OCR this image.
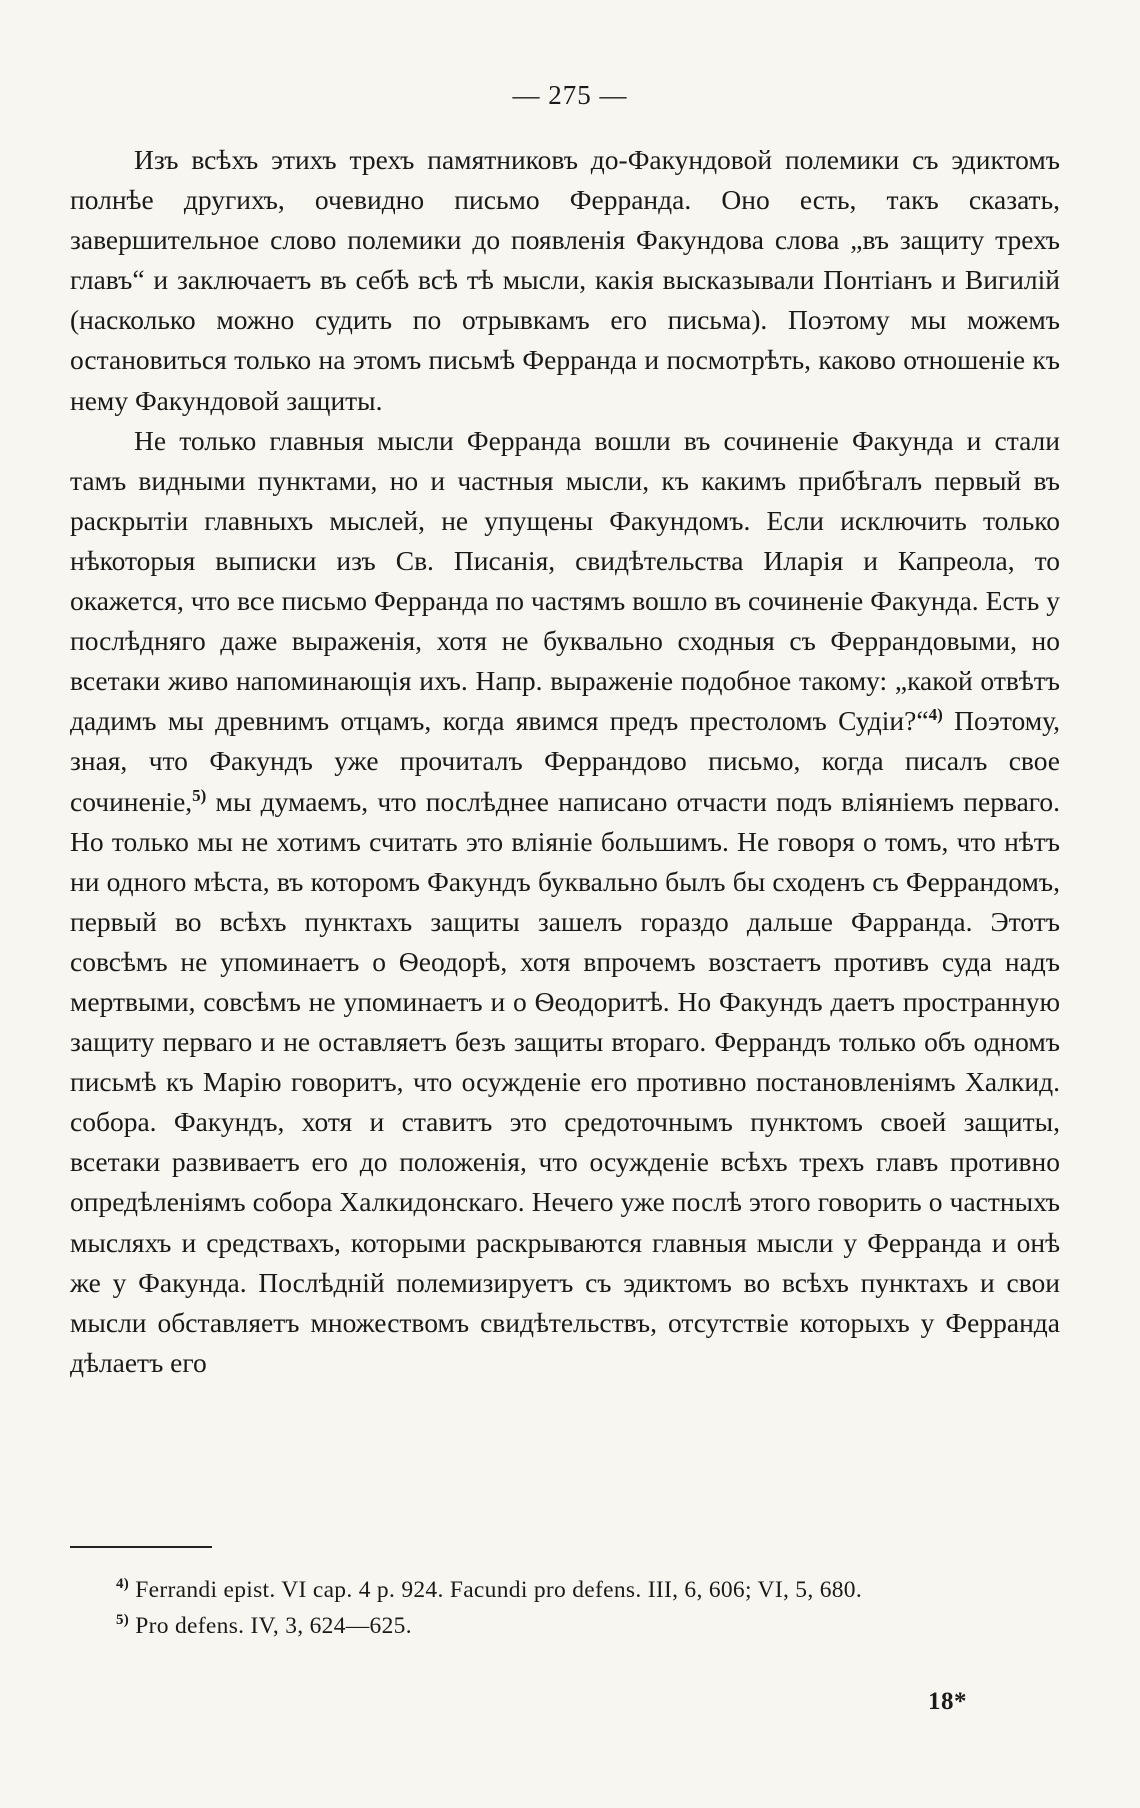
— 275 —

Изъ всѣхъ этихъ трехъ памятниковъ до-Факундовой полемики съ эдиктомъ полнѣе другихъ, очевидно письмо Ферранда. Оно есть, такъ сказать, завершительное слово полемики до появленія Факундова слова „въ защиту трехъ главъ“ и заключаетъ въ себѣ всѣ тѣ мысли, какія высказывали Понтіанъ и Вигилій (насколько можно судить по отрывкамъ его письма). Поэтому мы можемъ остановиться только на этомъ письмѣ Ферранда и посмотрѣть, каково отношеніе къ нему Факундовой защиты.

Не только главныя мысли Ферранда вошли въ сочиненіе Факунда и стали тамъ видными пунктами, но и частныя мысли, къ какимъ прибѣгалъ первый въ раскрытіи главныхъ мыслей, не упущены Факундомъ. Если исключить только нѣкоторыя выписки изъ Св. Писанія, свидѣтельства Иларія и Капреола, то окажется, что все письмо Ферранда по частямъ вошло въ сочиненіе Факунда. Есть у послѣдняго даже выраженія, хотя не буквально сходныя съ Феррандовыми, но всетаки живо напоминающія ихъ. Напр. выраженіе подобное такому: „какой отвѣтъ дадимъ мы древнимъ отцамъ, когда явимся предъ престоломъ Судіи?“$^{4)}$ Поэтому, зная, что Факундъ уже прочиталъ Феррандово письмо, когда писалъ свое сочиненіе,$^{5)}$ мы думаемъ, что послѣднее написано отчасти подъ вліяніемъ перваго. Но только мы не хотимъ считать это вліяніе большимъ. Не говоря о томъ, что нѣтъ ни одного мѣста, въ которомъ Факундъ буквально былъ бы сходенъ съ Феррандомъ, первый во всѣхъ пунктахъ защиты зашелъ гораздо дальше Фарранда. Этотъ совсѣмъ не упоминаетъ о Ѳеодорѣ, хотя впрочемъ возстаетъ противъ суда надъ мертвыми, совсѣмъ не упоминаетъ и о Ѳеодоритѣ. Но Факундъ даетъ пространную защиту перваго и не оставляетъ безъ защиты втораго. Феррандъ только объ одномъ письмѣ къ Марію говоритъ, что осужденіе его противно постановленіямъ Халкид. собора. Факундъ, хотя и ставитъ это средоточнымъ пунктомъ своей защиты, всетаки развиваетъ его до положенія, что осужденіе всѣхъ трехъ главъ противно опредѣленіямъ собора Халкидонскаго. Нечего уже послѣ этого говорить о частныхъ мысляхъ и средствахъ, которыми раскрываются главныя мысли у Ферранда и онѣ же у Факунда. Послѣдній полемизируетъ съ эдиктомъ во всѣхъ пунктахъ и свои мысли обставляетъ множествомъ свидѣтельствъ, отсутствіе которыхъ у Ферранда дѣлаетъ его

$^{4)}$ Ferrandi epist. VI cap. 4 p. 924. Facundi pro defens. III, 6, 606; VI, 5, 680.

$^{5)}$ Pro defens. IV, 3, 624—625.

18*
